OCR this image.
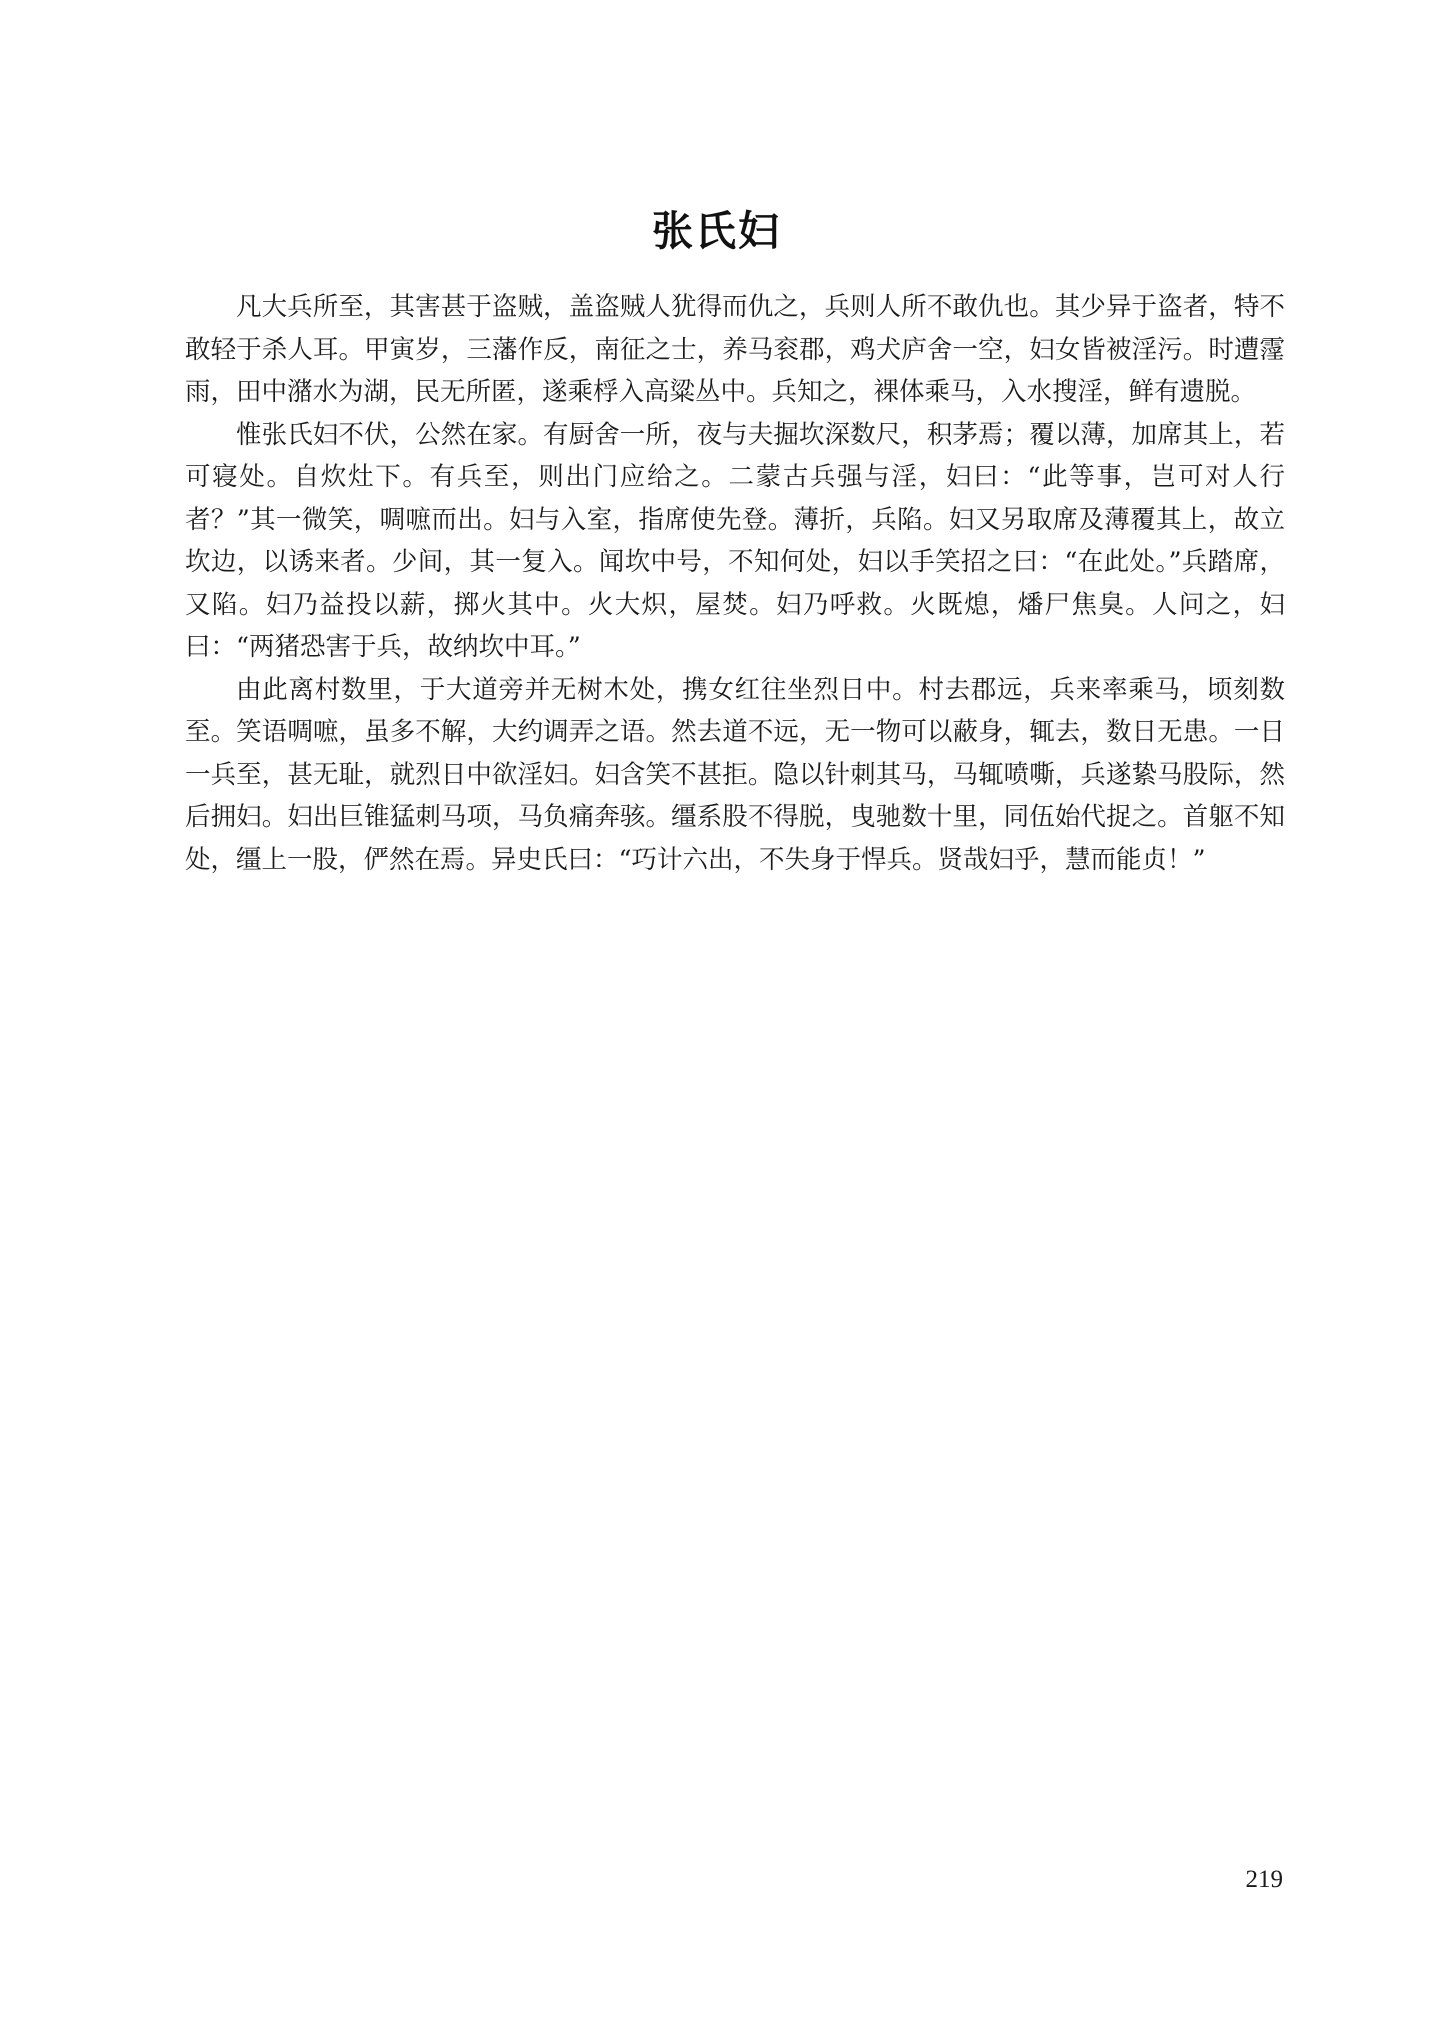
张氏妇

凡大兵所至，其害甚于盗贼，盖盗贼人犹得而仇之，兵则人所不敢仇也。其少异于盗者，特不敢轻于杀人耳。甲寅岁，三藩作反，南征之士，养马衮郡，鸡犬庐舍一空，妇女皆被淫污。时遭霪雨，田中潴水为湖，民无所匿，遂乘桴入高粱丛中。兵知之，裸体乘马，入水搜淫，鲜有遗脱。

惟张氏妇不伏，公然在家。有厨舍一所，夜与夫掘坎深数尺，积茅焉；覆以薄，加席其上，若可寝处。自炊灶下。有兵至，则出门应给之。二蒙古兵强与淫，妇曰：“此等事，岂可对人行者？”其一微笑，啁嗻而出。妇与入室，指席使先登。薄折，兵陷。妇又另取席及薄覆其上，故立坎边，以诱来者。少间，其一复入。闻坎中号，不知何处，妇以手笑招之曰：“在此处。”兵踏席，又陷。妇乃益投以薪，掷火其中。火大炽，屋焚。妇乃呼救。火既熄，燔尸焦臭。人问之，妇曰：“两猪恐害于兵，故纳坎中耳。”

由此离村数里，于大道旁并无树木处，携女红往坐烈日中。村去郡远，兵来率乘马，顷刻数至。笑语啁嗻，虽多不解，大约调弄之语。然去道不远，无一物可以蔽身，辄去，数日无患。一日一兵至，甚无耻，就烈日中欲淫妇。妇含笑不甚拒。隐以针刺其马，马辄喷嘶，兵遂絷马股际，然后拥妇。妇出巨锥猛刺马项，马负痛奔骇。缰系股不得脱，曳驰数十里，同伍始代捉之。首躯不知处，缰上一股，俨然在焉。异史氏曰：“巧计六出，不失身于悍兵。贤哉妇乎，慧而能贞！”

219
